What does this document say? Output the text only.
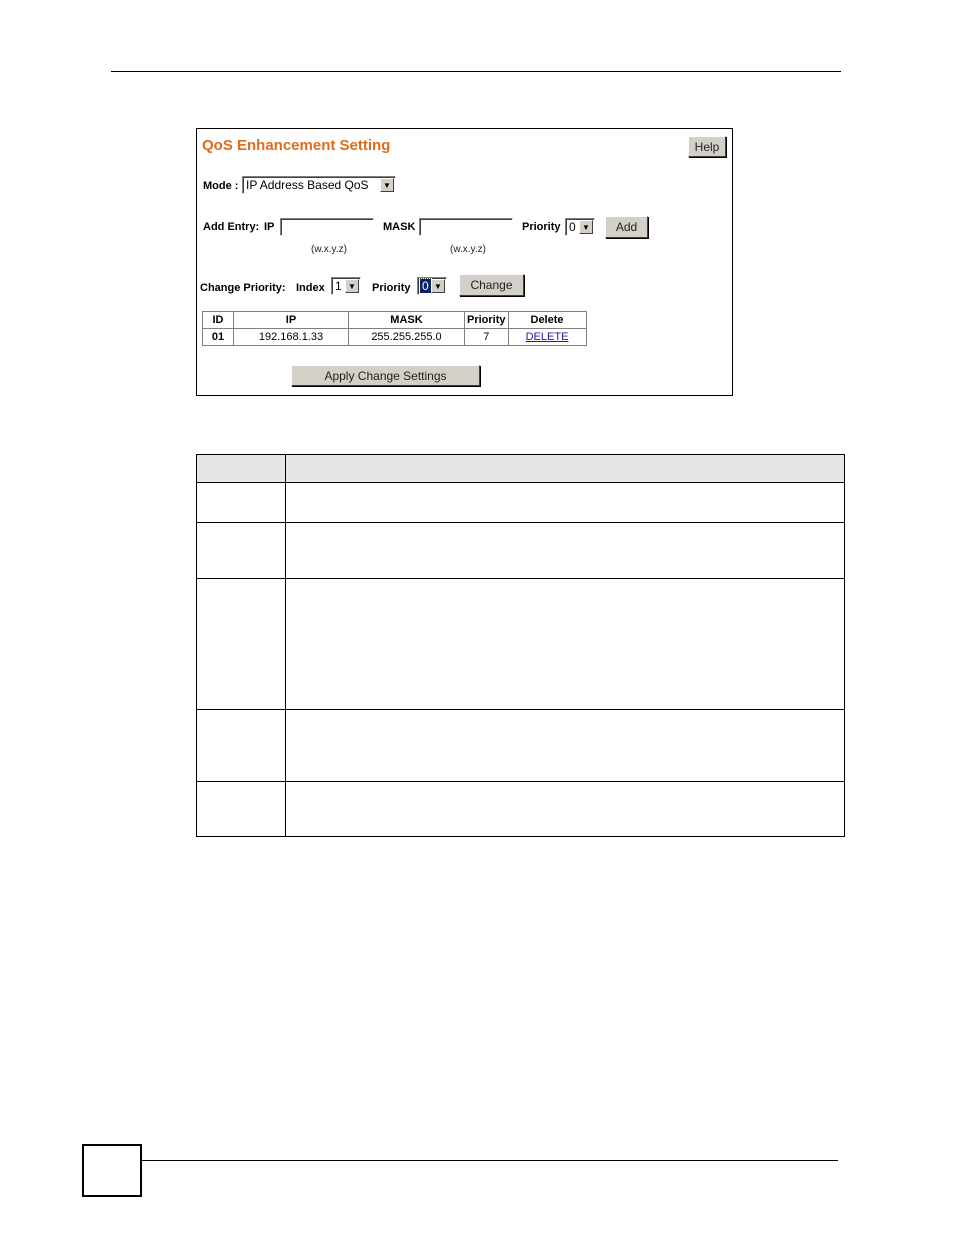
QoS Enhancement Setting	Help
Mode : IP Address Based QoS	▼
Add Entry: IP	MASK	Priority 0 ▼	Add
(w.x.y.z)	(w.x.y.z)
Change Priority: Index 1 ▼ Priority 0 ▼	Change
ID	IP	MASK	Priority	Delete
01	192.168.1.33	255.255.255.0	7	DELETE
Apply Change Settings
